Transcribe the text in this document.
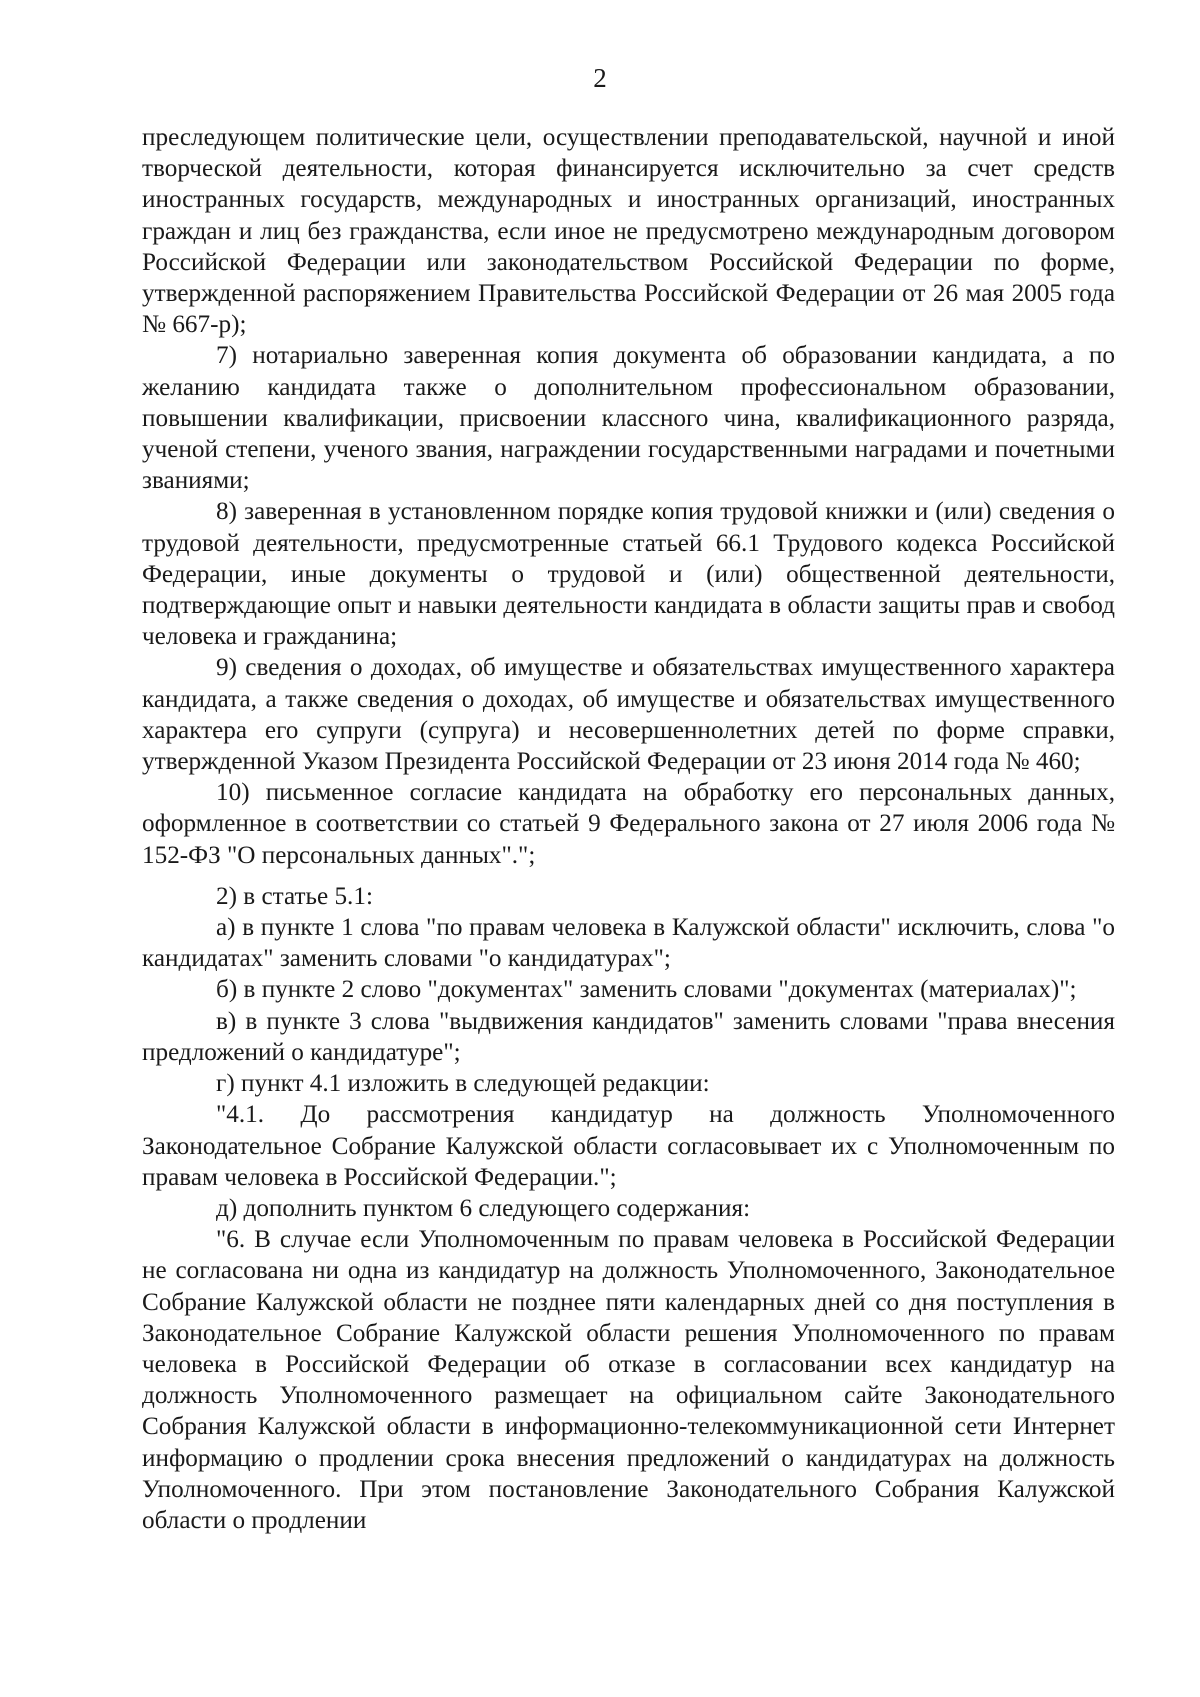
2

преследующем политические цели, осуществлении преподавательской, научной и иной творческой деятельности, которая финансируется исключительно за счет средств иностранных государств, международных и иностранных организаций, иностранных граждан и лиц без гражданства, если иное не предусмотрено международным договором Российской Федерации или законодательством Российской Федерации по форме, утвержденной распоряжением Правительства Российской Федерации от 26 мая 2005 года № 667-р);

7) нотариально заверенная копия документа об образовании кандидата, а по желанию кандидата также о дополнительном профессиональном образовании, повышении квалификации, присвоении классного чина, квалификационного разряда, ученой степени, ученого звания, награждении государственными наградами и почетными званиями;

8) заверенная в установленном порядке копия трудовой книжки и (или) сведения о трудовой деятельности, предусмотренные статьей 66.1 Трудового кодекса Российской Федерации, иные документы о трудовой и (или) общественной деятельности, подтверждающие опыт и навыки деятельности кандидата в области защиты прав и свобод человека и гражданина;

9) сведения о доходах, об имуществе и обязательствах имущественного характера кандидата, а также сведения о доходах, об имуществе и обязательствах имущественного характера его супруги (супруга) и несовершеннолетних детей по форме справки, утвержденной Указом Президента Российской Федерации от 23 июня 2014 года № 460;

10) письменное согласие кандидата на обработку его персональных данных, оформленное в соответствии со статьей 9 Федерального закона от 27 июля 2006 года № 152-ФЗ "О персональных данных".";

2) в статье 5.1:

а) в пункте 1 слова "по правам человека в Калужской области" исключить, слова "о кандидатах" заменить словами "о кандидатурах";

б) в пункте 2 слово "документах" заменить словами "документах (материалах)";

в) в пункте 3 слова "выдвижения кандидатов" заменить словами "права внесения предложений о кандидатуре";

г) пункт 4.1 изложить в следующей редакции:

"4.1. До рассмотрения кандидатур на должность Уполномоченного Законодательное Собрание Калужской области согласовывает их с Уполномоченным по правам человека в Российской Федерации.";

д) дополнить пунктом 6 следующего содержания:

"6. В случае если Уполномоченным по правам человека в Российской Федерации не согласована ни одна из кандидатур на должность Уполномоченного, Законодательное Собрание Калужской области не позднее пяти календарных дней со дня поступления в Законодательное Собрание Калужской области решения Уполномоченного по правам человека в Российской Федерации об отказе в согласовании всех кандидатур на должность Уполномоченного размещает на официальном сайте Законодательного Собрания Калужской области в информационно-телекоммуникационной сети Интернет информацию о продлении срока внесения предложений о кандидатурах на должность Уполномоченного. При этом постановление Законодательного Собрания Калужской области о продлении
